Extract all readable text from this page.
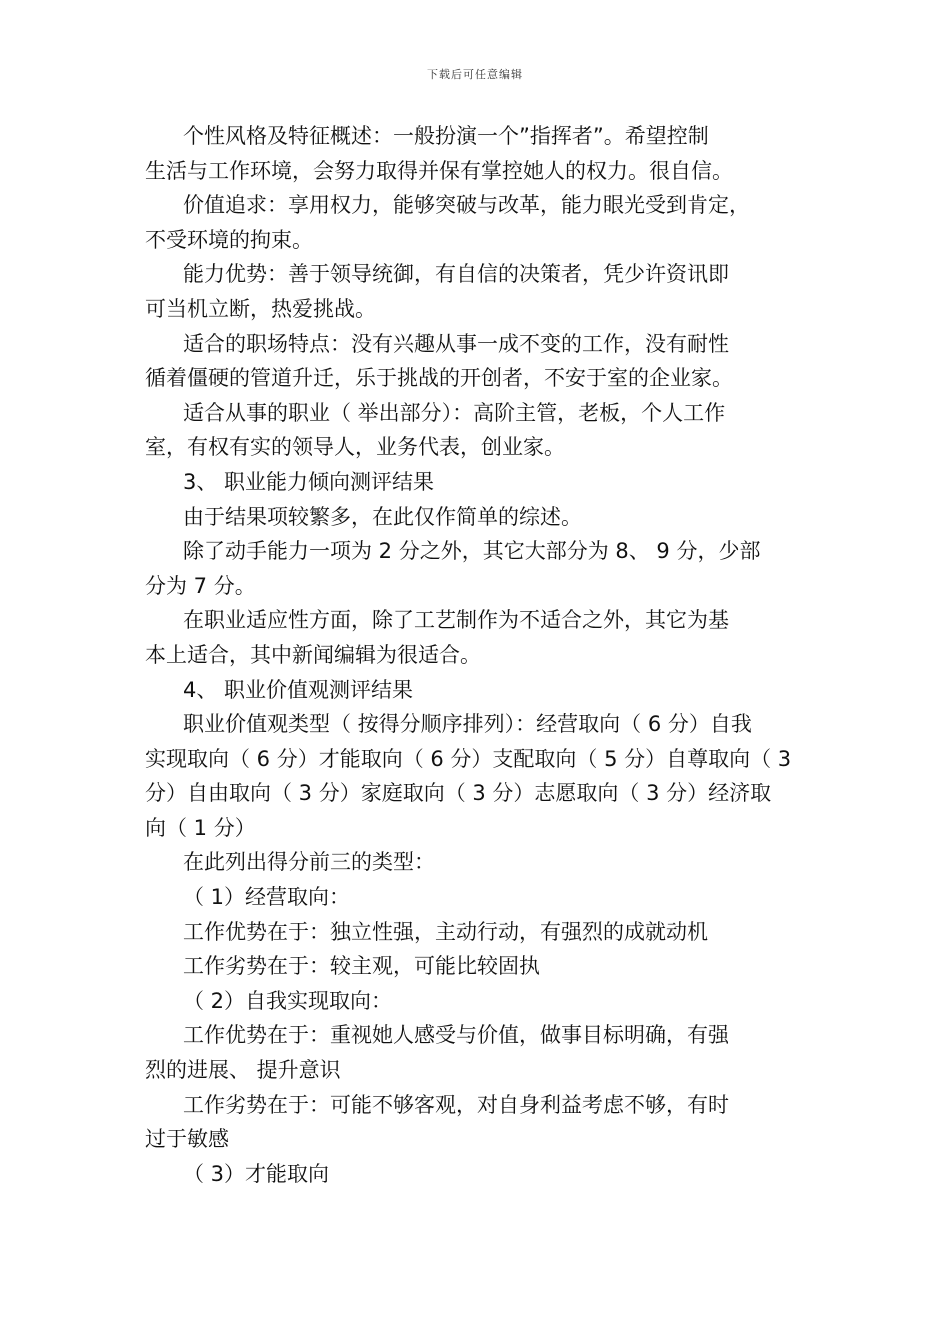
下载后可任意编辑
个性风格及特征概述：一般扮演一个”指挥者”。希望控制
生活与工作环境，会努力取得并保有掌控她人的权力。很自信。
价值追求：享用权力，能够突破与改革，能力眼光受到肯定，
不受环境的拘束。
能力优势：善于领导统御，有自信的决策者，凭少许资讯即
可当机立断，热爱挑战。
适合的职场特点：没有兴趣从事一成不变的工作，没有耐性
循着僵硬的管道升迁，乐于挑战的开创者，不安于室的企业家。
适合从事的职业（ 举出部分）：高阶主管，老板，个人工作
室，有权有实的领导人，业务代表，创业家。
3、 职业能力倾向测评结果
由于结果项较繁多，在此仅作简单的综述。
除了动手能力一项为 2 分之外，其它大部分为 8、 9 分，少部
分为 7 分。
在职业适应性方面，除了工艺制作为不适合之外，其它为基
本上适合，其中新闻编辑为很适合。
4、 职业价值观测评结果
职业价值观类型（ 按得分顺序排列）：经营取向（ 6 分）自我
实现取向（ 6 分）才能取向（ 6 分）支配取向（ 5 分）自尊取向（ 3
分）自由取向（ 3 分）家庭取向（ 3 分）志愿取向（ 3 分）经济取
向（ 1 分）
在此列出得分前三的类型：
（ 1）经营取向：
工作优势在于：独立性强，主动行动，有强烈的成就动机
工作劣势在于：较主观，可能比较固执
（ 2）自我实现取向：
工作优势在于：重视她人感受与价值，做事目标明确，有强
烈的进展、 提升意识
工作劣势在于：可能不够客观，对自身利益考虑不够，有时
过于敏感
（ 3）才能取向
